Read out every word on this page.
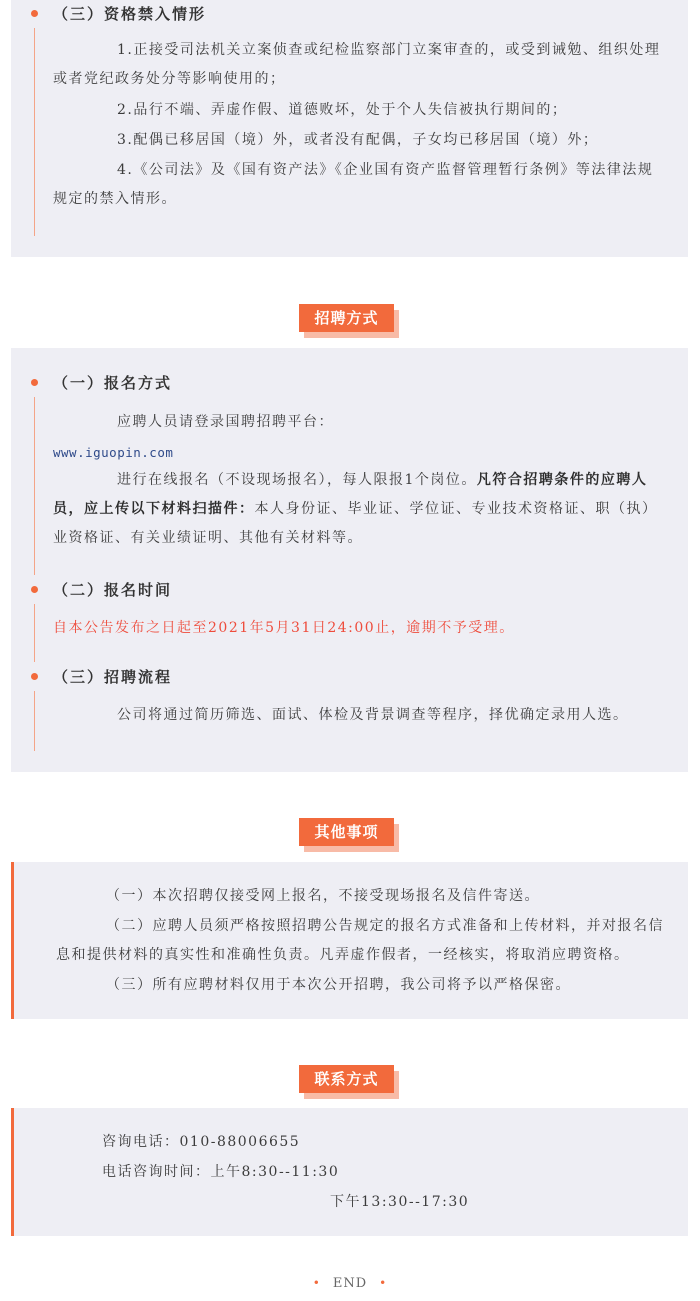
（三）资格禁入情形
1.正接受司法机关立案侦查或纪检监察部门立案审查的，或受到诫勉、组织处理或者党纪政务处分等影响使用的；
2.品行不端、弄虚作假、道德败坏，处于个人失信被执行期间的；
3.配偶已移居国（境）外，或者没有配偶，子女均已移居国（境）外；
4.《公司法》及《国有资产法》《企业国有资产监督管理暂行条例》等法律法规规定的禁入情形。
招聘方式
（一）报名方式
应聘人员请登录国聘招聘平台：
www.iguopin.com
进行在线报名（不设现场报名），每人限报1个岗位。凡符合招聘条件的应聘人员，应上传以下材料扫描件：本人身份证、毕业证、学位证、专业技术资格证、职（执）业资格证、有关业绩证明、其他有关材料等。
（二）报名时间
自本公告发布之日起至2021年5月31日24:00止，逾期不予受理。
（三）招聘流程
公司将通过简历筛选、面试、体检及背景调查等程序，择优确定录用人选。
其他事项
（一）本次招聘仅接受网上报名，不接受现场报名及信件寄送。
（二）应聘人员须严格按照招聘公告规定的报名方式准备和上传材料，并对报名信息和提供材料的真实性和准确性负责。凡弄虚作假者，一经核实，将取消应聘资格。
（三）所有应聘材料仅用于本次公开招聘，我公司将予以严格保密。
联系方式
咨询电话：010-88006655
电话咨询时间：上午8:30--11:30
下午13:30--17:30
• END •
